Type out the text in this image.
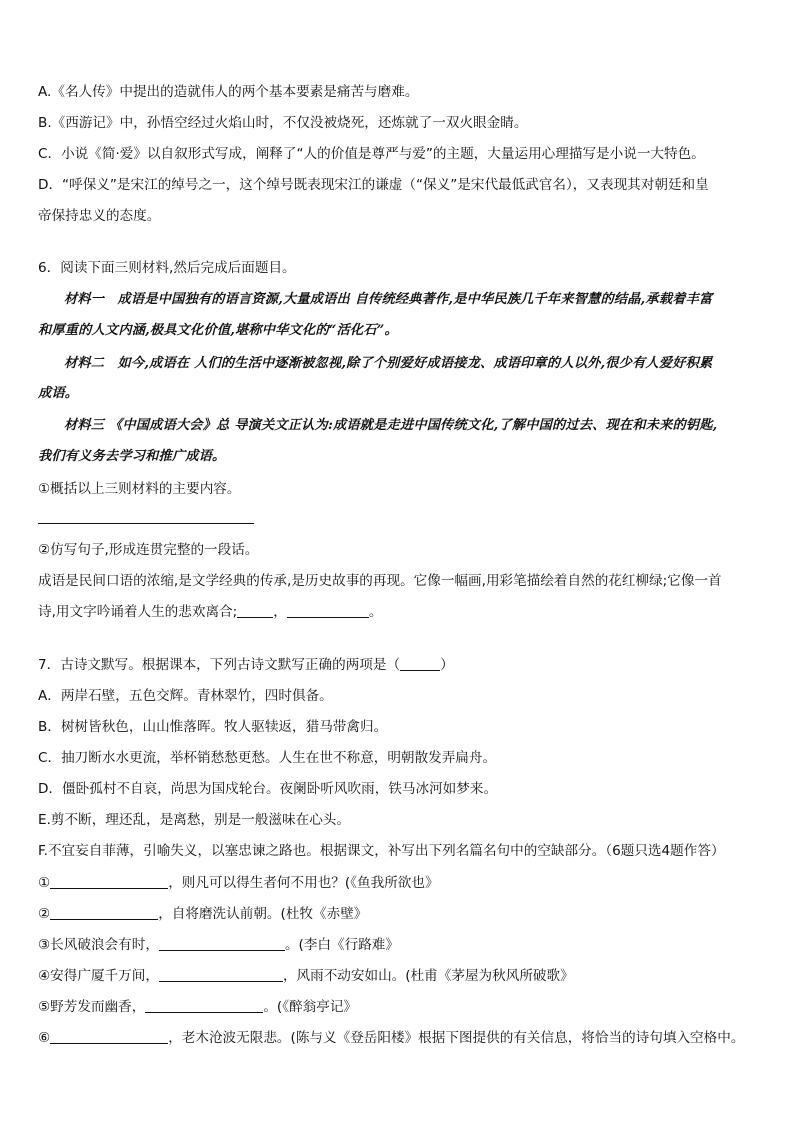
A.《名人传》中提出的造就伟人的两个基本要素是痛苦与磨难。
B.《西游记》中，孙悟空经过火焰山时，不仅没被烧死，还炼就了一双火眼金睛。
C．小说《简·爱》以自叙形式写成，阐释了“人的价值是尊严与爱”的主题，大量运用心理描写是小说一大特色。
D．“呼保义”是宋江的绰号之一，这个绰号既表现宋江的谦虚（“保义”是宋代最低武官名），又表现其对朝廷和皇
帝保持忠义的态度。
6．阅读下面三则材料,然后完成后面题目。
材料一　成语是中国独有的语言资源,大量成语出 自传统经典著作,是中华民族几千年来智慧的结晶,承载着丰富
和厚重的人文内涵,极具文化价值,堪称中华文化的“活化石”。
材料二　如今,成语在 人们的生活中逐渐被忽视,除了个别爱好成语接龙、成语印章的人以外,很少有人爱好积累
成语。
材料三 《中国成语大会》总 导演关文正认为:成语就是走进中国传统文化,了解中国的过去、现在和未来的钥匙,
我们有义务去学习和推广成语。
①概括以上三则材料的主要内容。
②仿写句子,形成连贯完整的一段话。
成语是民间口语的浓缩,是文学经典的传承,是历史故事的再现。它像一幅画,用彩笔描绘着自然的花红柳绿;它像一首
诗,用文字吟诵着人生的悲欢离合;	，	。
7．古诗文默写。根据课本，下列古诗文默写正确的两项是（	）
A．两岸石壁，五色交辉。青林翠竹，四时俱备。
B．树树皆秋色，山山惟落晖。牧人驱犊返，猎马带禽归。
C．抽刀断水水更流，举杯销愁愁更愁。人生在世不称意，明朝散发弄扁舟。
D．僵卧孤村不自哀，尚思为国戍轮台。夜阑卧听风吹雨，铁马冰河如梦来。
E.剪不断，理还乱，是离愁，别是一般滋味在心头。
F.不宜妄自菲薄，引喻失义，以塞忠谏之路也。根据课文，补写出下列名篇名句中的空缺部分。（6题只选4题作答）
①	，则凡可以得生者何不用也？(《鱼我所欲也》
②	，自将磨洗认前朝。(杜牧《赤壁》
③长风破浪会有时，	。(李白《行路难》
④安得广厦千万间，	，风雨不动安如山。(杜甫《茅屋为秋风所破歌》
⑤野芳发而幽香，	。(《醉翁亭记》
⑥	，老木沧波无限悲。(陈与义《登岳阳楼》根据下图提供的有关信息，将恰当的诗句填入空格中。
